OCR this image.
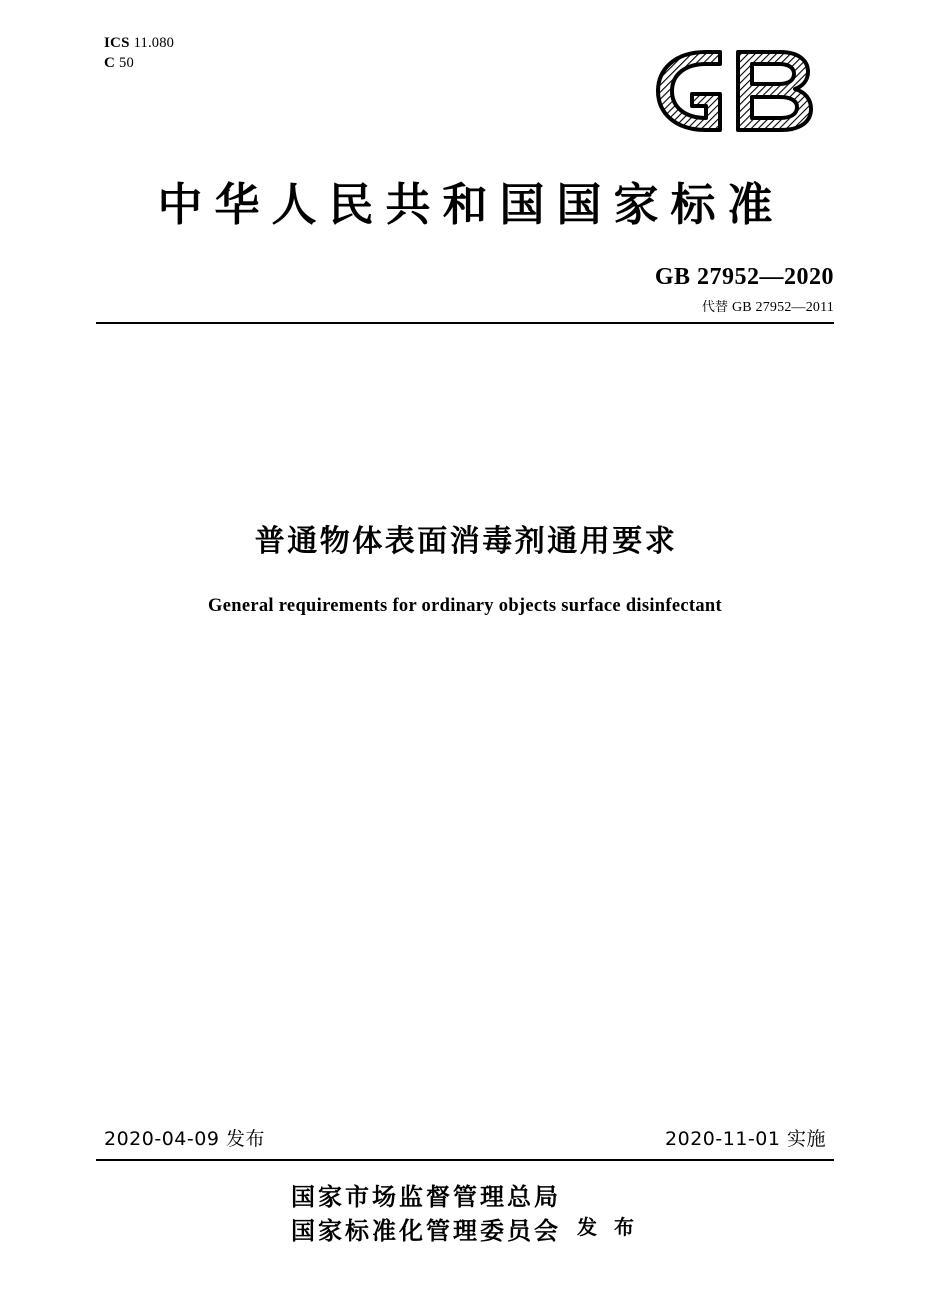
ICS 11.080
C 50
中华人民共和国国家标准
GB 27952—2020
代替 GB 27952—2011
普通物体表面消毒剂通用要求
General requirements for ordinary objects surface disinfectant
2020-04-09 发布	2020-11-01 实施
国家市场监督管理总局
国家标准化管理委员会 发 布
